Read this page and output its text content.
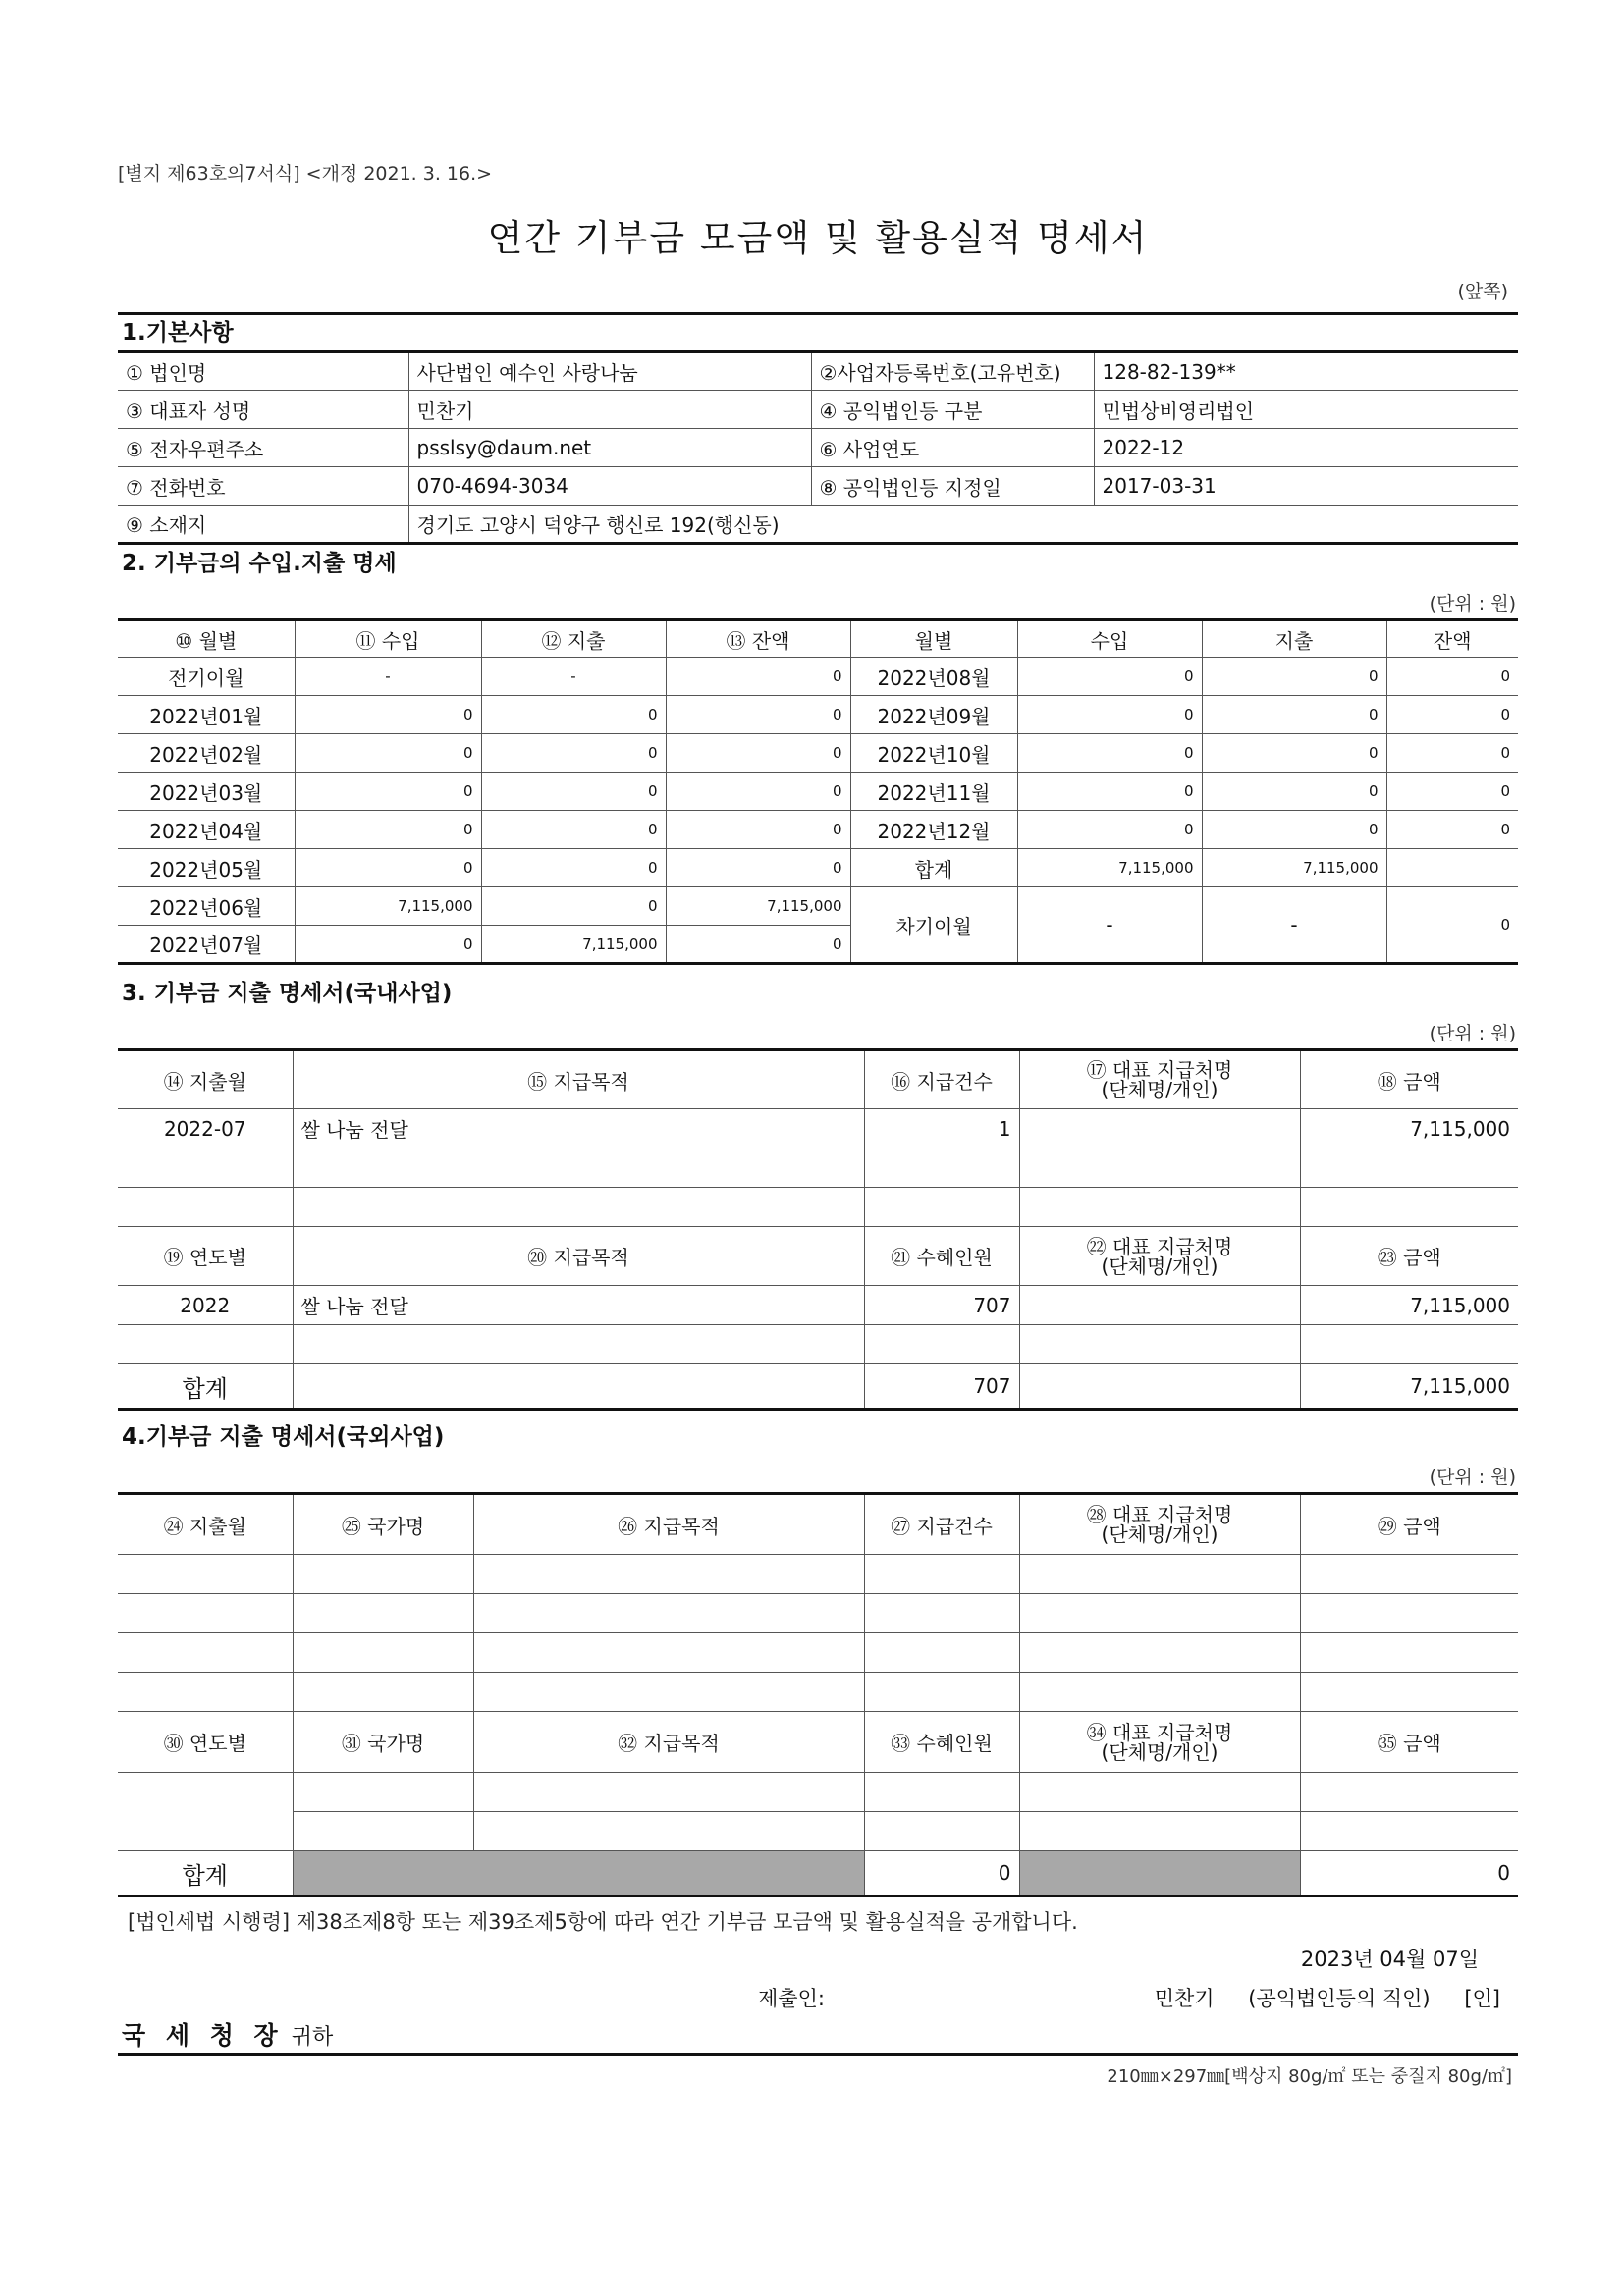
[별지 제63호의7서식] <개정 2021. 3. 16.>
연간 기부금 모금액 및 활용실적 명세서
(앞쪽)
1.기본사항
① 법인명	사단법인 예수인 사랑나눔	②사업자등록번호(고유번호)	128-82-139**
③ 대표자 성명	민찬기	④ 공익법인등 구분	민법상비영리법인
⑤ 전자우편주소	psslsy@daum.net	⑥ 사업연도	2022-12
⑦ 전화번호	070-4694-3034	⑧ 공익법인등 지정일	2017-03-31
⑨ 소재지	경기도 고양시 덕양구 행신로 192(행신동)		
2. 기부금의 수입.지출 명세
(단위 : 원)
⑩ 월별	⑪ 수입	⑫ 지출	⑬ 잔액	월별	수입	지출	잔액
전기이월	-	-	0	2022년08월	0	0	0
2022년01월	0	0	0	2022년09월	0	0	0
2022년02월	0	0	0	2022년10월	0	0	0
2022년03월	0	0	0	2022년11월	0	0	0
2022년04월	0	0	0	2022년12월	0	0	0
2022년05월	0	0	0	합계	7,115,000	7,115,000	
2022년06월	7,115,000	0	7,115,000	차기이월	-	-	0
2022년07월	0	7,115,000	0				
3. 기부금 지출 명세서(국내사업)
(단위 : 원)
⑭ 지출월	⑮ 지급목적	⑯ 지급건수	⑰ 대표 지급처명
(단체명/개인)	⑱ 금액
2022-07	쌀 나눔 전달	1		7,115,000

⑲ 연도별	⑳ 지급목적	㉑ 수혜인원	㉒ 대표 지급처명
(단체명/개인)	㉓ 금액
2022	쌀 나눔 전달	707		7,115,000

합계		707		7,115,000
4.기부금 지출 명세서(국외사업)
(단위 : 원)
㉔ 지출월	㉕ 국가명	㉖ 지급목적	㉗ 지급건수	㉘ 대표 지급처명
(단체명/개인)	㉙ 금액

㉚ 연도별	㉛ 국가명	㉜ 지급목적	㉝ 수혜인원	㉞ 대표 지급처명
(단체명/개인)	㉟ 금액

합계			0		0
[법인세법 시행령] 제38조제8항 또는 제39조제5항에 따라 연간 기부금 모금액 및 활용실적을 공개합니다.
2023년 04월 07일
제출인:	민찬기 (공익법인등의 직인) [인]
국 세 청 장 귀하
210㎜×297㎜[백상지 80g/㎡ 또는 중질지 80g/㎡]
